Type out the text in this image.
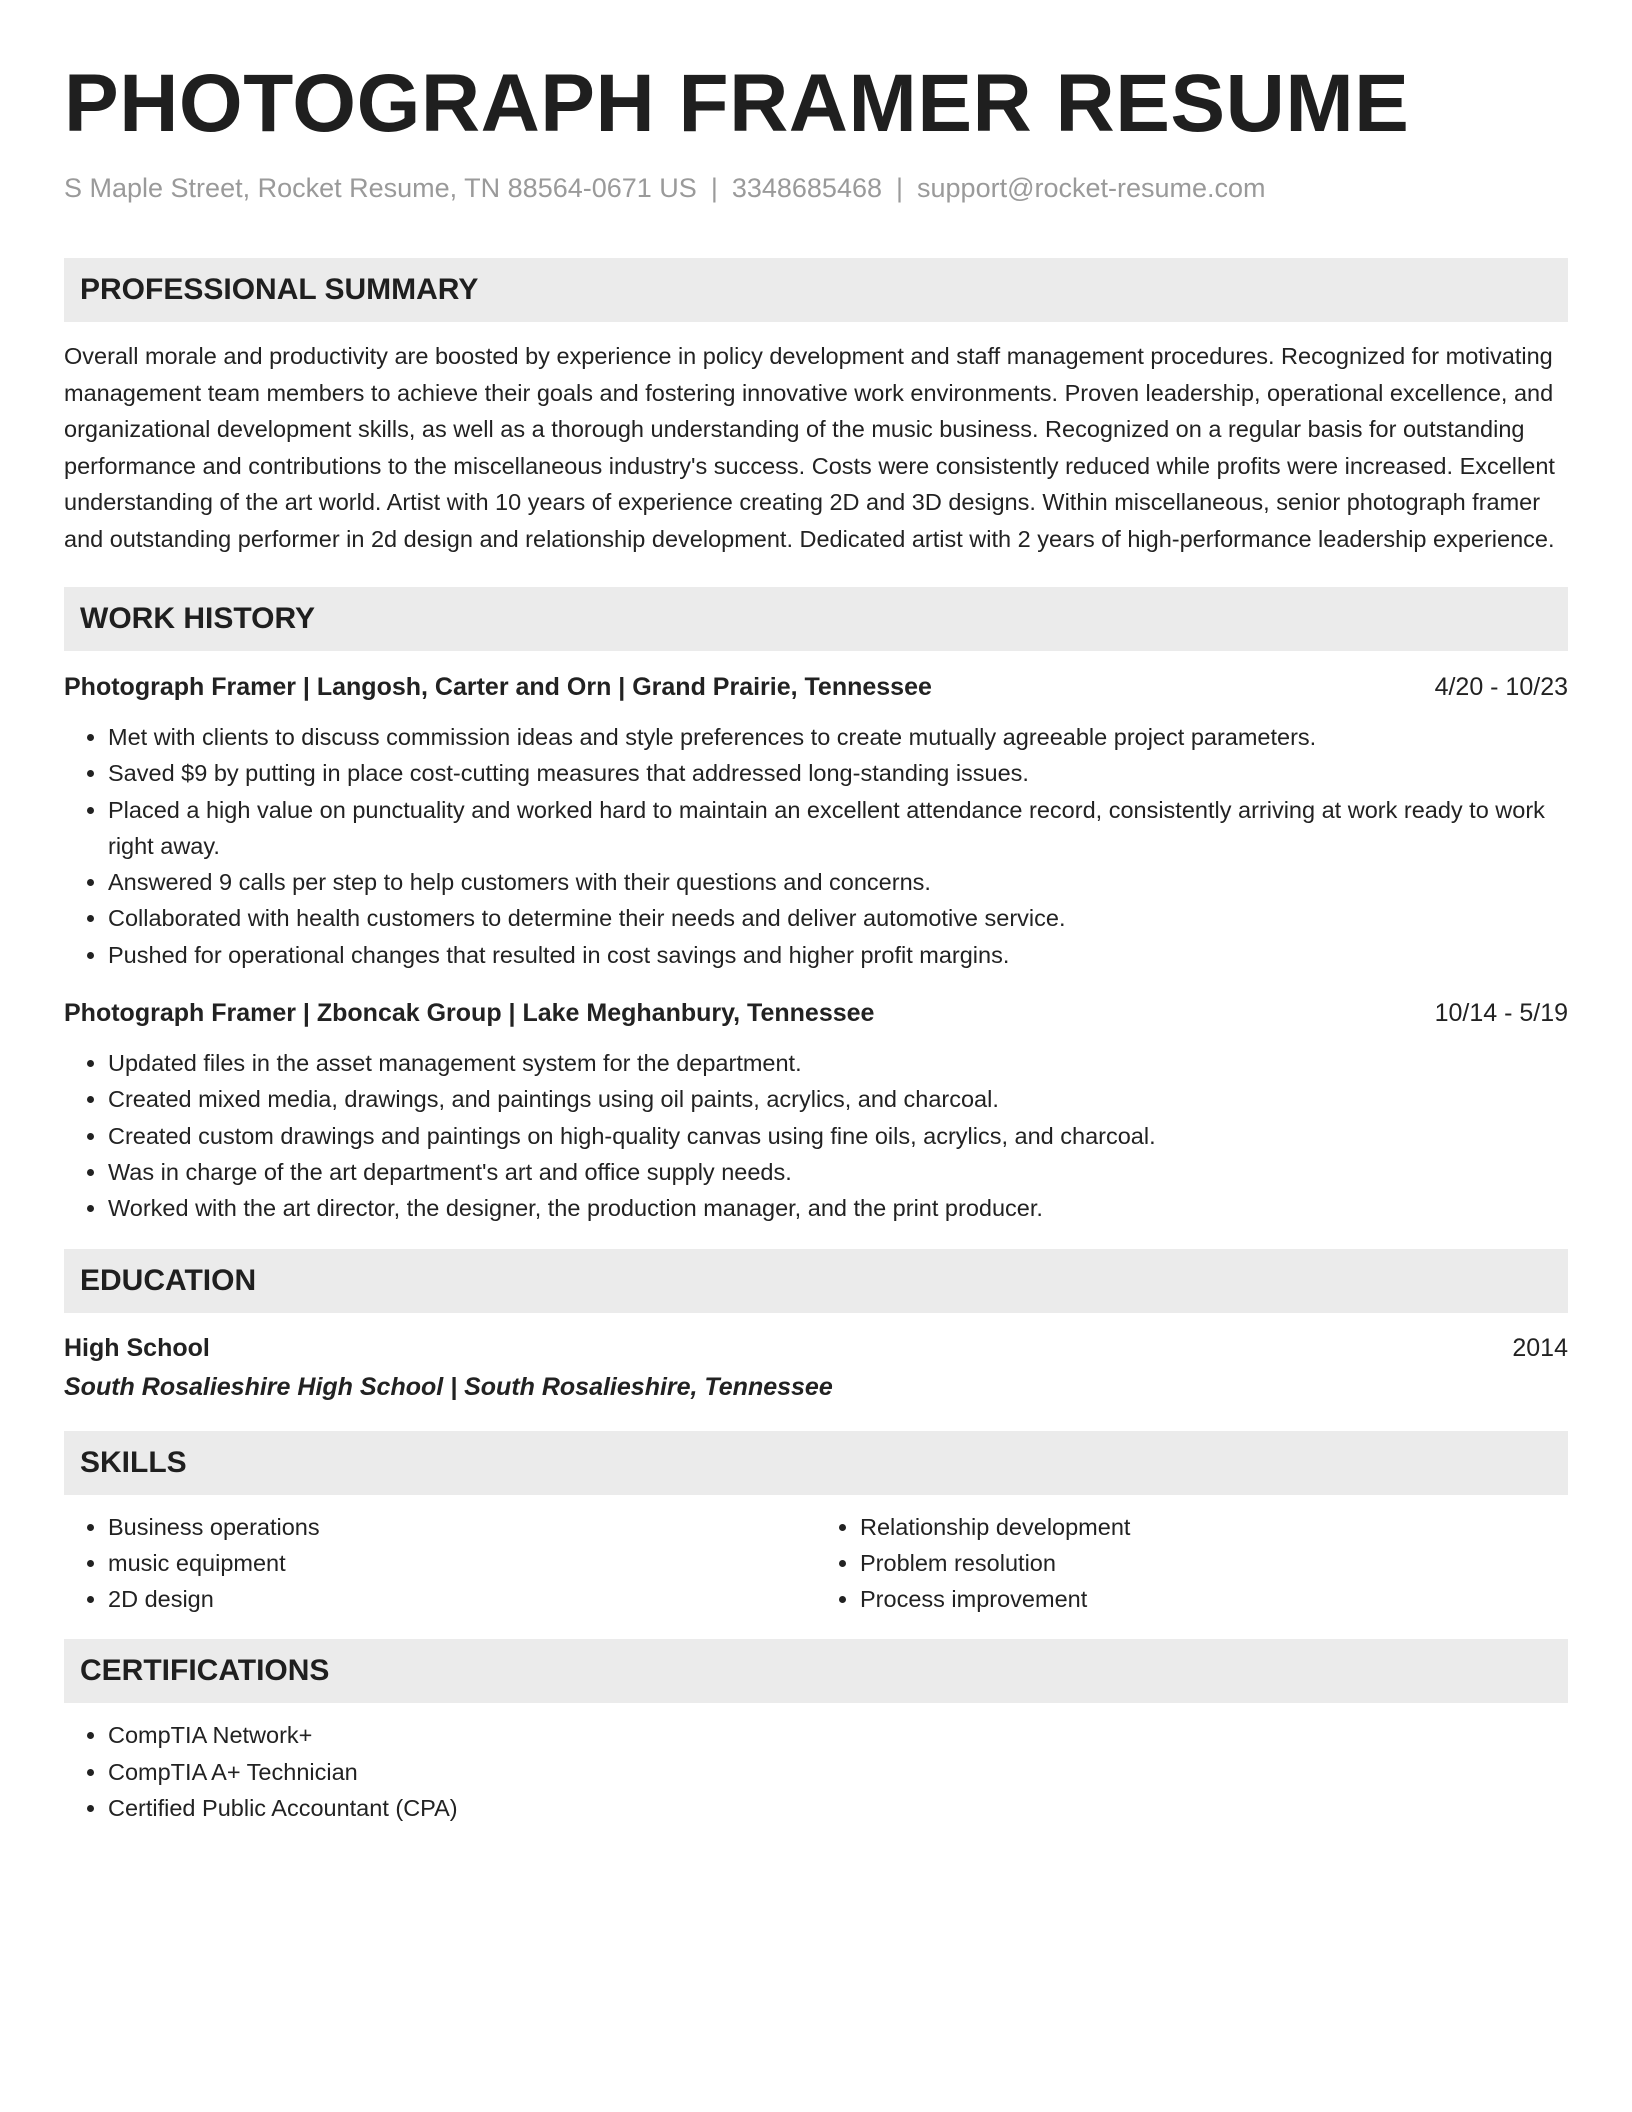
PHOTOGRAPH FRAMER RESUME
S Maple Street, Rocket Resume, TN 88564-0671 US | 3348685468 | support@rocket-resume.com
PROFESSIONAL SUMMARY
Overall morale and productivity are boosted by experience in policy development and staff management procedures. Recognized for motivating management team members to achieve their goals and fostering innovative work environments. Proven leadership, operational excellence, and organizational development skills, as well as a thorough understanding of the music business. Recognized on a regular basis for outstanding performance and contributions to the miscellaneous industry's success. Costs were consistently reduced while profits were increased. Excellent understanding of the art world. Artist with 10 years of experience creating 2D and 3D designs. Within miscellaneous, senior photograph framer and outstanding performer in 2d design and relationship development. Dedicated artist with 2 years of high-performance leadership experience.
WORK HISTORY
Photograph Framer | Langosh, Carter and Orn | Grand Prairie, Tennessee	4/20 - 10/23
• Met with clients to discuss commission ideas and style preferences to create mutually agreeable project parameters.
• Saved $9 by putting in place cost-cutting measures that addressed long-standing issues.
• Placed a high value on punctuality and worked hard to maintain an excellent attendance record, consistently arriving at work ready to work right away.
• Answered 9 calls per step to help customers with their questions and concerns.
• Collaborated with health customers to determine their needs and deliver automotive service.
• Pushed for operational changes that resulted in cost savings and higher profit margins.
Photograph Framer | Zboncak Group | Lake Meghanbury, Tennessee	10/14 - 5/19
• Updated files in the asset management system for the department.
• Created mixed media, drawings, and paintings using oil paints, acrylics, and charcoal.
• Created custom drawings and paintings on high-quality canvas using fine oils, acrylics, and charcoal.
• Was in charge of the art department's art and office supply needs.
• Worked with the art director, the designer, the production manager, and the print producer.
EDUCATION
High School	2014
South Rosalieshire High School | South Rosalieshire, Tennessee
SKILLS
• Business operations
• music equipment
• 2D design
• Relationship development
• Problem resolution
• Process improvement
CERTIFICATIONS
• CompTIA Network+
• CompTIA A+ Technician
• Certified Public Accountant (CPA)
